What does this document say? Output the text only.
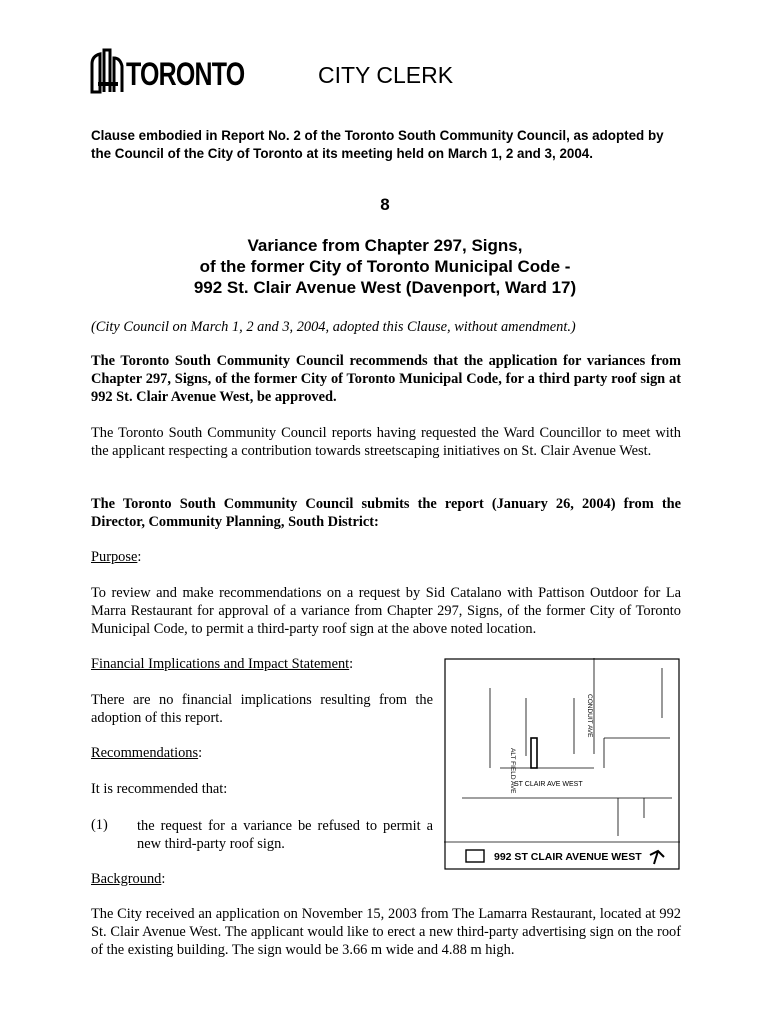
TORONTO	CITY CLERK
Clause embodied in Report No. 2 of the Toronto South Community Council, as adopted by the Council of the City of Toronto at its meeting held on March 1, 2 and 3, 2004.
8
Variance from Chapter 297, Signs,
of the former City of Toronto Municipal Code -
992 St. Clair Avenue West (Davenport, Ward 17)
(City Council on March 1, 2 and 3, 2004, adopted this Clause, without amendment.)
The Toronto South Community Council recommends that the application for variances from Chapter 297, Signs, of the former City of Toronto Municipal Code, for a third party roof sign at 992 St. Clair Avenue West, be approved.
The Toronto South Community Council reports having requested the Ward Councillor to meet with the applicant respecting a contribution towards streetscaping initiatives on St. Clair Avenue West.
The Toronto South Community Council submits the report (January 26, 2004) from the Director, Community Planning, South District:
Purpose:
To review and make recommendations on a request by Sid Catalano with Pattison Outdoor for La Marra Restaurant for approval of a variance from Chapter 297, Signs, of the former City of Toronto Municipal Code, to permit a third-party roof sign at the above noted location.
Financial Implications and Impact Statement:
There are no financial implications resulting from the adoption of this report.
Recommendations:
It is recommended that:
(1) the request for a variance be refused to permit a new third-party roof sign.
Background:
The City received an application on November 15, 2003 from The Lamarra Restaurant, located at 992 St. Clair Avenue West. The applicant would like to erect a new third-party advertising sign on the roof of the existing building. The sign would be 3.66 m wide and 4.88 m high.
ALT FIELD AVE
CONDUIT AVE
ST CLAIR AVE WEST
992 ST CLAIR AVENUE WEST
